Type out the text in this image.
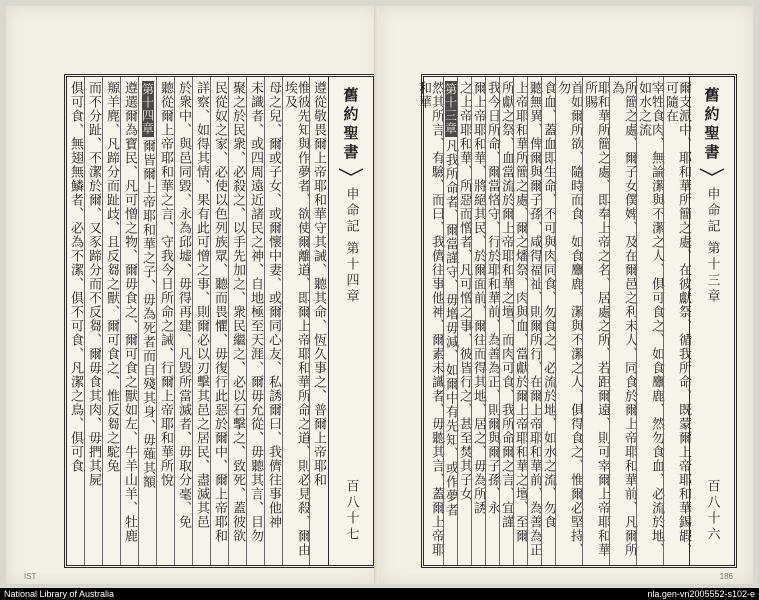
遵從敬畏爾上帝耶和華守其誡、聽其命、恆久事之、普爾上帝耶和
惟彼先知與作夢者、欲使爾離道、即爾上帝耶和華所命之道、則必見殺、爾由埃及
母之兒、爾或子女、或爾懷中妻、或爾同心友、私誘爾曰、我儕往事他神
未識者、或四周遠近諸民之神、自地極至天涯、爾毋允從、毋聽其言、目勿
聚之於民衆、必殺之、以手先加之、衆民繼之、必以石擊之、致死、蓋彼欲
民從奴之家、必使以色列族眾、聽而畏懼、毋復行此惡於爾中、爾上帝耶和
詳察、如得其情、果有此可憎之事、則爾必以刃擊其邑之居民、盡滅其邑
於衆中、與邑同毀、永為邱墟、毋得再建、凡毀所當滅者、毋取分毫、免
聽從爾上帝耶和華之言、守我今日所命之誡、行爾上帝耶和華所悅
第十四章
爾皆爾上帝耶和華之子、毋為死者而自殘其身、毋薙其額
遵選爾為寶民、凡可憎之物、爾毋食之、爾可食之獸如左、牛羊山羊、牡鹿
羱羊麂、凡蹄分而趾歧、且反芻之獸、爾可食之、惟反芻之駝兔
而不分趾、不潔於爾、又豕蹄分而不反芻、爾毋食其肉、毋捫其屍
俱可食、無翅無鱗者、必為不潔、俱不可食、凡潔之鳥、俱可食	舊約聖書
申命記
第十四章
百八十七
IST
爾支派中、耶和華所簡之處、在彼獻祭、循我所命、既蒙爾上帝耶和華錫嘏、可隨在
宰牲食肉、無論潔與不潔之人、俱可食之、如食麞鹿、然勿食血、必流於地、如水之流
所簡之處、爾子女僕婢、及在爾邑之利未人、同食於爾上帝耶和華前、凡爾所為
耶和華所簡之處、即奉上帝之名、居處之所、若距爾遠、則可宰爾上帝耶和華所賜
首如爾所欲、隨時而食、如食麞鹿、潔與不潔之人、俱得食之、惟爾必堅持、勿
食血、蓋血即生命、不可與肉同食、勿食之、必流於地、如水之流、勿食
聽無異、俾爾與爾子孫、咸得福祉、則爾所行、在爾上帝耶和華前、為善為正
上帝耶和華所簡之處、爾之燔祭、肉與血、當獻於爾上帝耶和華之壇、至爾
所獻之祭、血當流於爾上帝耶和華之壇、而肉可食、我所命爾之言、宜謹
我今日所命、爾當恪守、行於耶和華前、為善為正、則爾與爾子孫、永
爾上帝耶和華、將絕其民、於爾面前、爾往而得其地、居之、毋為所誘
之上帝耶和華、所惡而憎者、凡可憎之事、彼皆行之、甚至焚其子女
第十三章
凡我所命者、爾當謹守、毋增毋減、如爾中有先知、或作夢者
然其所言、有驗、而曰、我儕往事他神、爾素未識者、毋聽其言、蓋爾上帝耶和華	舊約聖書
申命記
第十三章
百八十六
186
National Library of Australia	nla.gen-vn2005552-s102-e
